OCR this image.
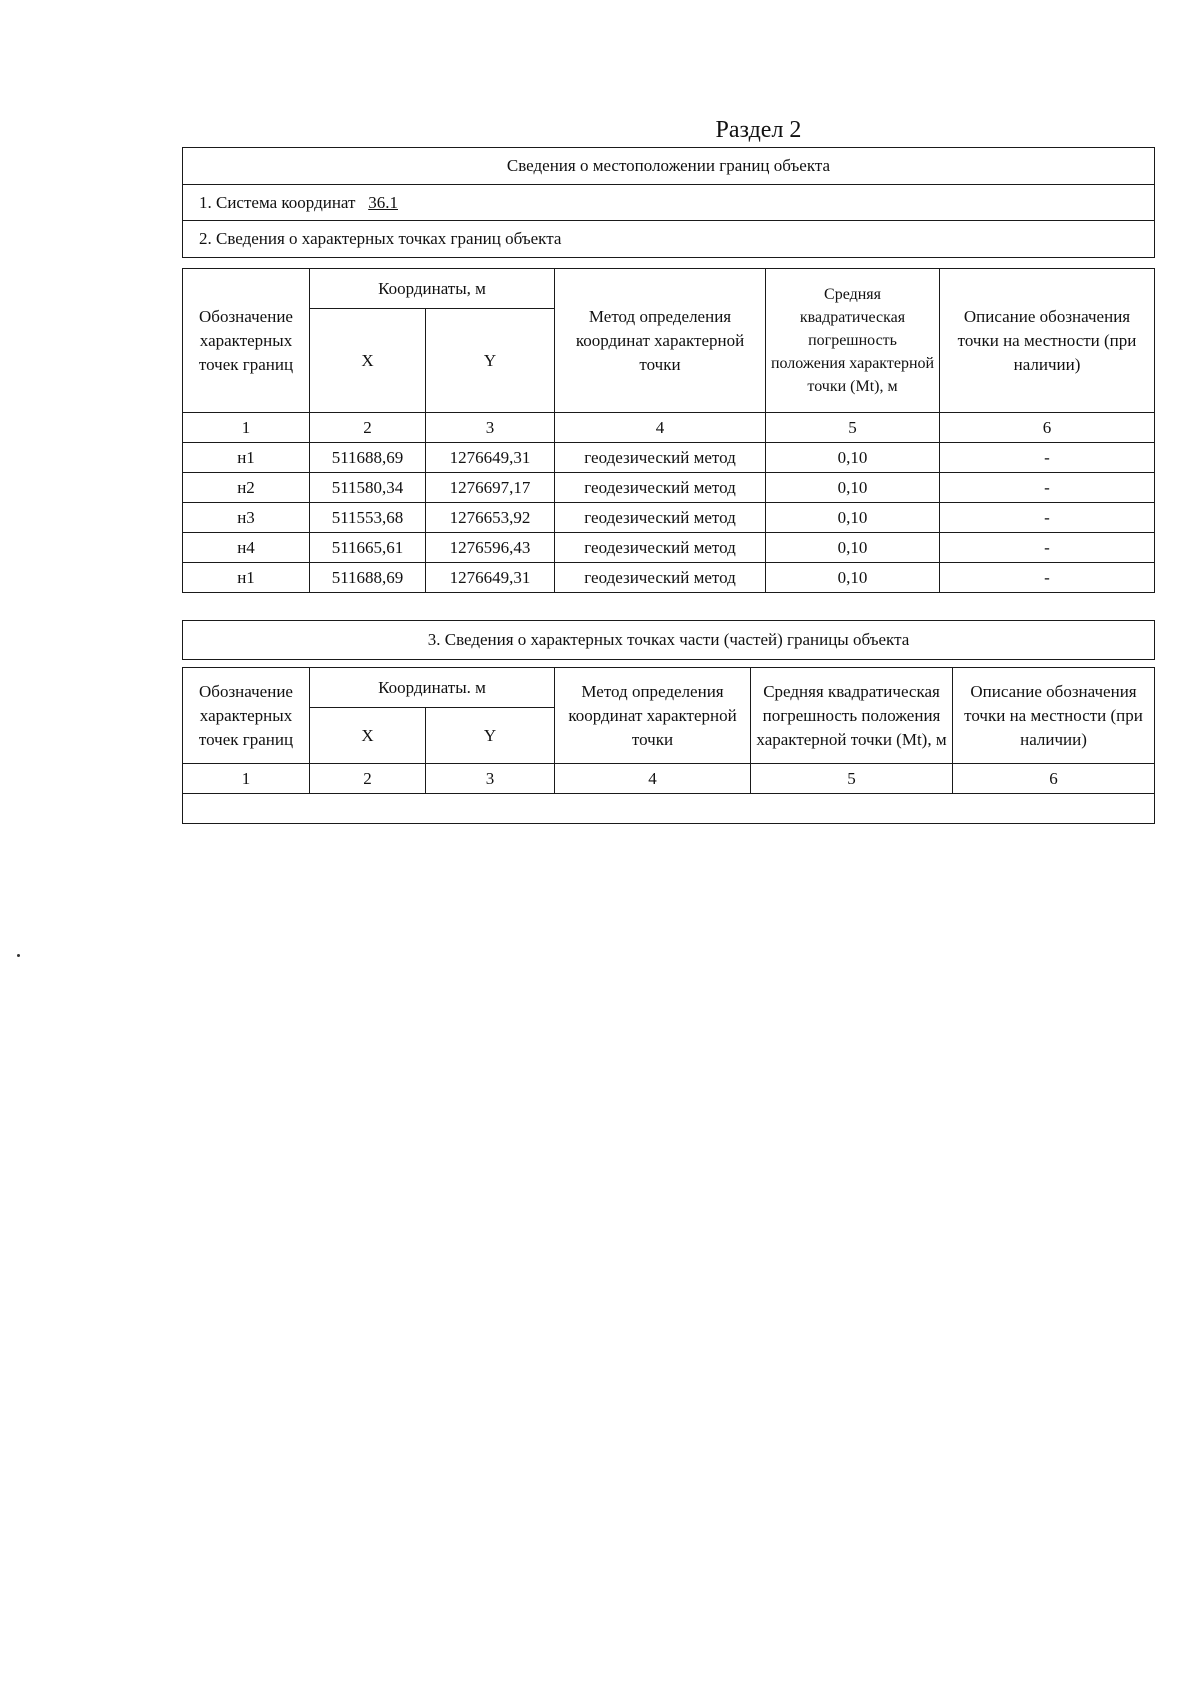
Раздел 2
Сведения о местоположении границ объекта
1. Система координат 36.1
2. Сведения о характерных точках границ объекта
Обозначение характерных точек границ	Координаты, м		Метод определения координат характерной точки	Средняя квадратическая погрешность положения характерной точки (Mt), м	Описание обозначения точки на местности (при наличии)
	X	Y			
1	2	3	4	5	6
н1	511688,69	1276649,31	геодезический метод	0,10	-
н2	511580,34	1276697,17	геодезический метод	0,10	-
н3	511553,68	1276653,92	геодезический метод	0,10	-
н4	511665,61	1276596,43	геодезический метод	0,10	-
н1	511688,69	1276649,31	геодезический метод	0,10	-
3. Сведения о характерных точках части (частей) границы объекта
Обозначение характерных точек границ	Координаты. м		Метод определения координат характерной точки	Средняя квадратическая погрешность положения характерной точки (Mt), м	Описание обозначения точки на местности (при наличии)
	X	Y			
1	2	3	4	5	6
